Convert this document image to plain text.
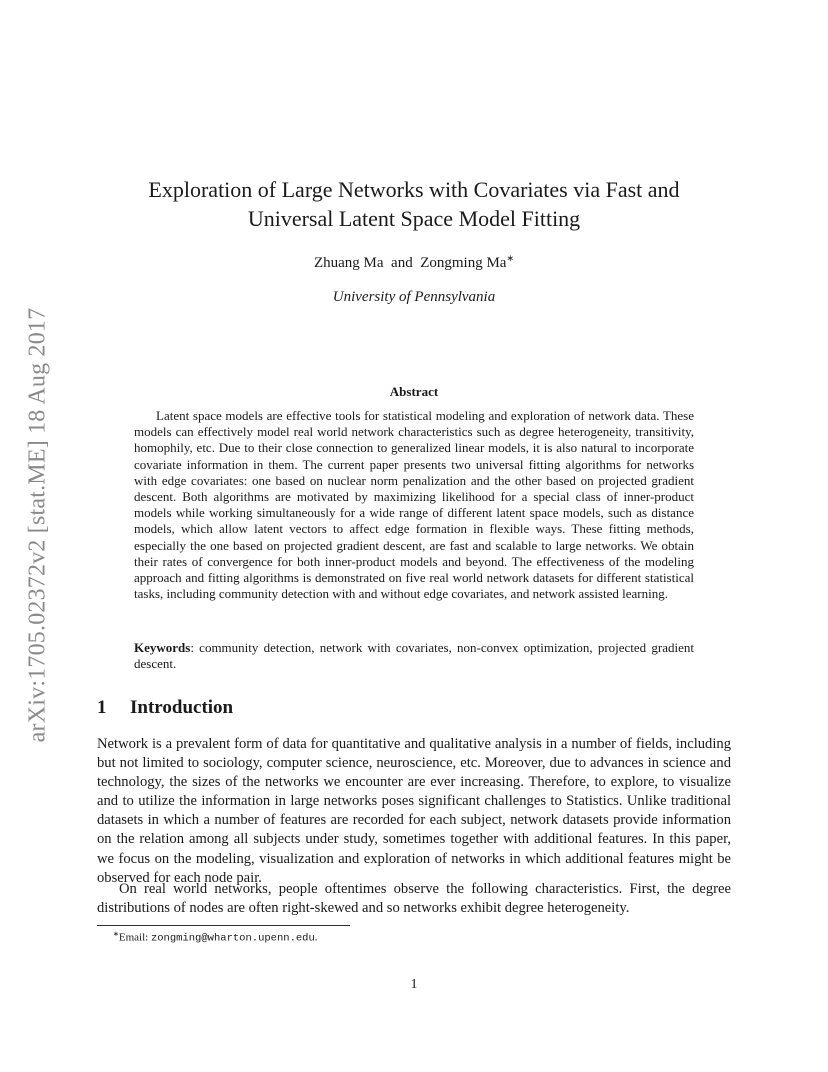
arXiv:1705.02372v2 [stat.ME] 18 Aug 2017
Exploration of Large Networks with Covariates via Fast and Universal Latent Space Model Fitting
Zhuang Ma and Zongming Ma∗
University of Pennsylvania
Abstract

Latent space models are effective tools for statistical modeling and exploration of network data. These models can effectively model real world network characteristics such as degree heterogeneity, transitivity, homophily, etc. Due to their close connection to generalized linear models, it is also natural to incorporate covariate information in them. The current paper presents two universal fitting algorithms for networks with edge covariates: one based on nuclear norm penalization and the other based on projected gradient descent. Both algorithms are motivated by maximizing likelihood for a special class of inner-product models while working simultaneously for a wide range of different latent space models, such as distance models, which allow latent vectors to affect edge formation in flexible ways. These fitting methods, especially the one based on projected gradient descent, are fast and scalable to large networks. We obtain their rates of convergence for both inner-product models and beyond. The effectiveness of the modeling approach and fitting algorithms is demonstrated on five real world network datasets for different statistical tasks, including community detection with and without edge covariates, and network assisted learning.

Keywords: community detection, network with covariates, non-convex optimization, projected gradient descent.

1 Introduction

Network is a prevalent form of data for quantitative and qualitative analysis in a number of fields, including but not limited to sociology, computer science, neuroscience, etc. Moreover, due to advances in science and technology, the sizes of the networks we encounter are ever increasing. Therefore, to explore, to visualize and to utilize the information in large networks poses significant challenges to Statistics. Unlike traditional datasets in which a number of features are recorded for each subject, network datasets provide information on the relation among all subjects under study, sometimes together with additional features. In this paper, we focus on the modeling, visualization and exploration of networks in which additional features might be observed for each node pair.

On real world networks, people oftentimes observe the following characteristics. First, the degree distributions of nodes are often right-skewed and so networks exhibit degree heterogeneity.

∗Email: zongming@wharton.upenn.edu.
1
